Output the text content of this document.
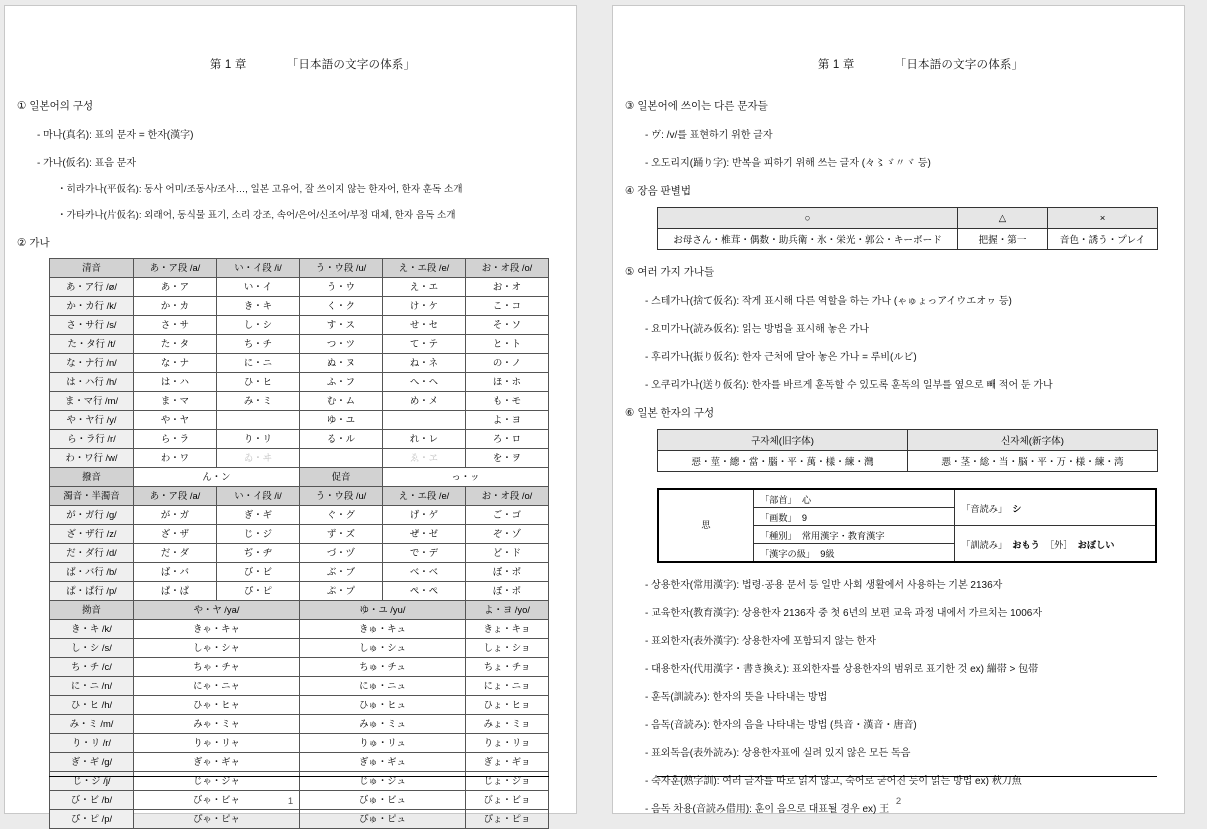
第 1 章	「日本語の文字の体系」

① 일본어의 구성
- 마나(真名): 표의 문자 = 한자(漢字)
- 가나(仮名): 표음 문자
・히라가나(平仮名): 동사 어미/조동사/조사…, 일본 고유어, 잘 쓰이지 않는 한자어, 한자 훈독 소개
・가타카나(片仮名): 외래어, 동식물 표기, 소리 강조, 속어/은어/신조어/부정 대체, 한자 음독 소개
② 가나
清音	あ・ア段 /a/	い・イ段 /i/	う・ウ段 /u/	え・エ段 /e/	お・オ段 /o/
あ・ア行 /ø/	あ・ア	い・イ	う・ウ	え・エ	お・オ
か・カ行 /k/	か・カ	き・キ	く・ク	け・ケ	こ・コ
さ・サ行 /s/	さ・サ	し・シ	す・ス	せ・セ	そ・ソ
た・タ行 /t/	た・タ	ち・チ	つ・ツ	て・テ	と・ト
な・ナ行 /n/	な・ナ	に・ニ	ぬ・ヌ	ね・ネ	の・ノ
は・ハ行 /h/	は・ハ	ひ・ヒ	ふ・フ	へ・ヘ	ほ・ホ
ま・マ行 /m/	ま・マ	み・ミ	む・ム	め・メ	も・モ
や・ヤ行 /y/	や・ヤ		ゆ・ユ		よ・ヨ
ら・ラ行 /r/	ら・ラ	り・リ	る・ル	れ・レ	ろ・ロ
わ・ワ行 /w/	わ・ワ	ゐ・ヰ		ゑ・ヱ	を・ヲ
撥音	ん・ン		促音	っ・ッ	
濁音・半濁音	あ・ア段 /a/	い・イ段 /i/	う・ウ段 /u/	え・エ段 /e/	お・オ段 /o/
が・ガ行 /g/	が・ガ	ぎ・ギ	ぐ・グ	げ・ゲ	ご・ゴ
ざ・ザ行 /z/	ざ・ザ	じ・ジ	ず・ズ	ぜ・ゼ	ぞ・ゾ
だ・ダ行 /d/	だ・ダ	ぢ・ヂ	づ・ヅ	で・デ	ど・ド
ば・バ行 /b/	ば・バ	び・ビ	ぶ・ブ	べ・ベ	ぼ・ボ
ぱ・ぱ行 /p/	ぱ・ぱ	ぴ・ピ	ぷ・プ	ぺ・ぺ	ぽ・ポ
拗音	や・ヤ /ya/		ゆ・ユ /yu/		よ・ヨ /yo/
き・キ /k/	きゃ・キャ		きゅ・キュ		きょ・キョ
し・シ /s/	しゃ・シャ		しゅ・シュ		しょ・ショ
ち・チ /c/	ちゃ・チャ		ちゅ・チュ		ちょ・チョ
に・ニ /n/	にゃ・ニャ		にゅ・ニュ		にょ・ニョ
ひ・ヒ /h/	ひゃ・ヒャ		ひゅ・ヒュ		ひょ・ヒョ
み・ミ /m/	みゃ・ミャ		みゅ・ミュ		みょ・ミョ
り・リ /r/	りゃ・リャ		りゅ・リュ		りょ・リョ
ぎ・ギ /g/	ぎゃ・ギャ		ぎゅ・ギュ		ぎょ・ギョ
じ・ジ /j/	じゃ・ジャ		じゅ・ジュ		じょ・ジョ
び・ビ /b/	びゃ・ビャ		びゅ・ビュ		びょ・ビョ
ぴ・ピ /p/	ぴゃ・ピャ		ぴゅ・ピュ		ぴょ・ピョ
1

第 1 章	「日本語の文字の体系」

③ 일본어에 쓰이는 다른 문자들
- ヴ: /v/를 표현하기 위한 글자
- 오도리지(踊り字): 반복을 피하기 위해 쓰는 글자 (々〻ゞ〃ヾ 등)
④ 장음 판별법
○	△	×
お母さん・椎茸・偶数・助兵衛・氷・栄光・郭公・キーボード	把握・第一	音色・誘う・プレイ
⑤ 여러 가지 가나들
- 스테가나(捨て仮名): 작게 표시해 다른 역할을 하는 가나 (ゃゅょっアイウエオヮ 등)
- 요미가나(読み仮名): 읽는 방법을 표시해 놓은 가나
- 후리가나(振り仮名): 한자 근처에 달아 놓은 가나 = 루비(ルビ)
- 오쿠리가나(送り仮名): 한자를 바르게 훈독할 수 있도록 훈독의 일부를 옆으로 빼 적어 둔 가나
⑥ 일본 한자의 구성
구자체(旧字体)	신자체(新字体)
惡・莖・總・當・腦・平・萬・樣・練・灣	悪・茎・総・当・脳・平・万・様・練・湾
思	「部首」 心	「音読み」 シ
	「画数」 9	
	「種別」 常用漢字・教育漢字	「訓読み」 おもう ［外］ おぼしい
	「漢字の級」 9級	
- 상용한자(常用漢字): 법령·공용 문서 등 일반 사회 생활에서 사용하는 기본 2136자
- 교육한자(教育漢字): 상용한자 2136자 중 첫 6년의 보편 교육 과정 내에서 가르치는 1006자
- 표외한자(表外漢字): 상용한자에 포함되지 않는 한자
- 대용한자(代用漢字・書き換え): 표외한자를 상용한자의 범위로 표기한 것 ex) 繃帯 > 包帯
- 훈독(訓読み): 한자의 뜻을 나타내는 방법
- 음독(音読み): 한자의 음을 나타내는 방법 (呉音・漢音・唐音)
- 표외독음(表外読み): 상용한자표에 실려 있지 않은 모든 독음
- 숙자훈(熟字訓): 여러 글자를 따로 읽지 않고, 숙어로 굳어진 듯이 읽는 방법 ex) 秋刀魚
- 음독 차용(音読み借用): 훈이 음으로 대표될 경우 ex) 王
2
